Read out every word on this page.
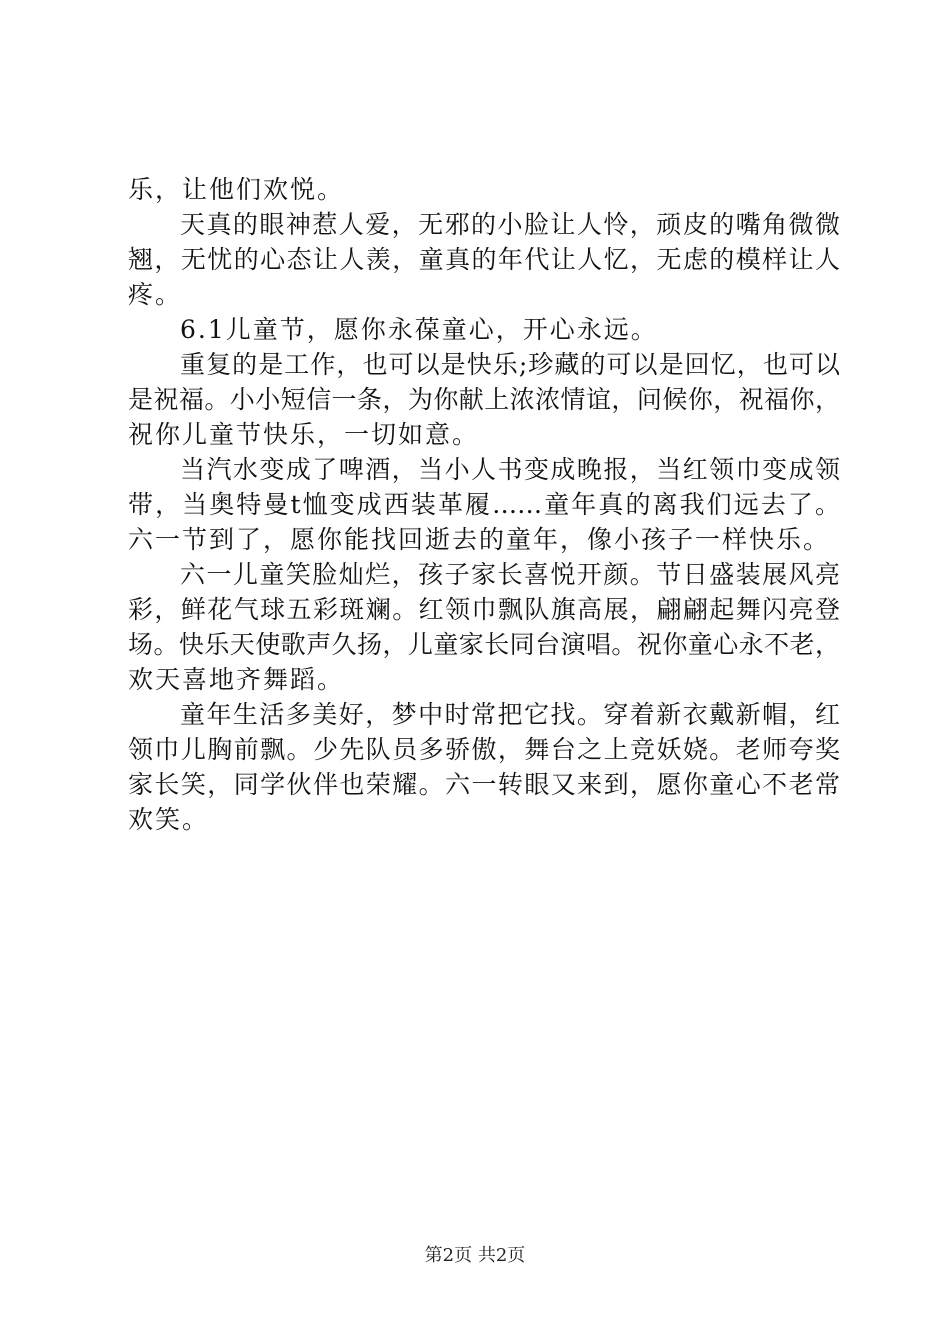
乐，让他们欢悦。
天真的眼神惹人爱，无邪的小脸让人怜，顽皮的嘴角微微
翘，无忧的心态让人羡，童真的年代让人忆，无虑的模样让人
疼。
6.1儿童节，愿你永葆童心，开心永远。
重复的是工作，也可以是快乐;珍藏的可以是回忆，也可以
是祝福。小小短信一条，为你献上浓浓情谊，问候你，祝福你，
祝你儿童节快乐，一切如意。
当汽水变成了啤酒，当小人书变成晚报，当红领巾变成领
带，当奥特曼t恤变成西装革履……童年真的离我们远去了。
六一节到了，愿你能找回逝去的童年，像小孩子一样快乐。
六一儿童笑脸灿烂，孩子家长喜悦开颜。节日盛装展风亮
彩，鲜花气球五彩斑斓。红领巾飘队旗高展，翩翩起舞闪亮登
场。快乐天使歌声久扬，儿童家长同台演唱。祝你童心永不老，
欢天喜地齐舞蹈。
童年生活多美好，梦中时常把它找。穿着新衣戴新帽，红
领巾儿胸前飘。少先队员多骄傲，舞台之上竞妖娆。老师夸奖
家长笑，同学伙伴也荣耀。六一转眼又来到，愿你童心不老常
欢笑。
第2页 共2页
